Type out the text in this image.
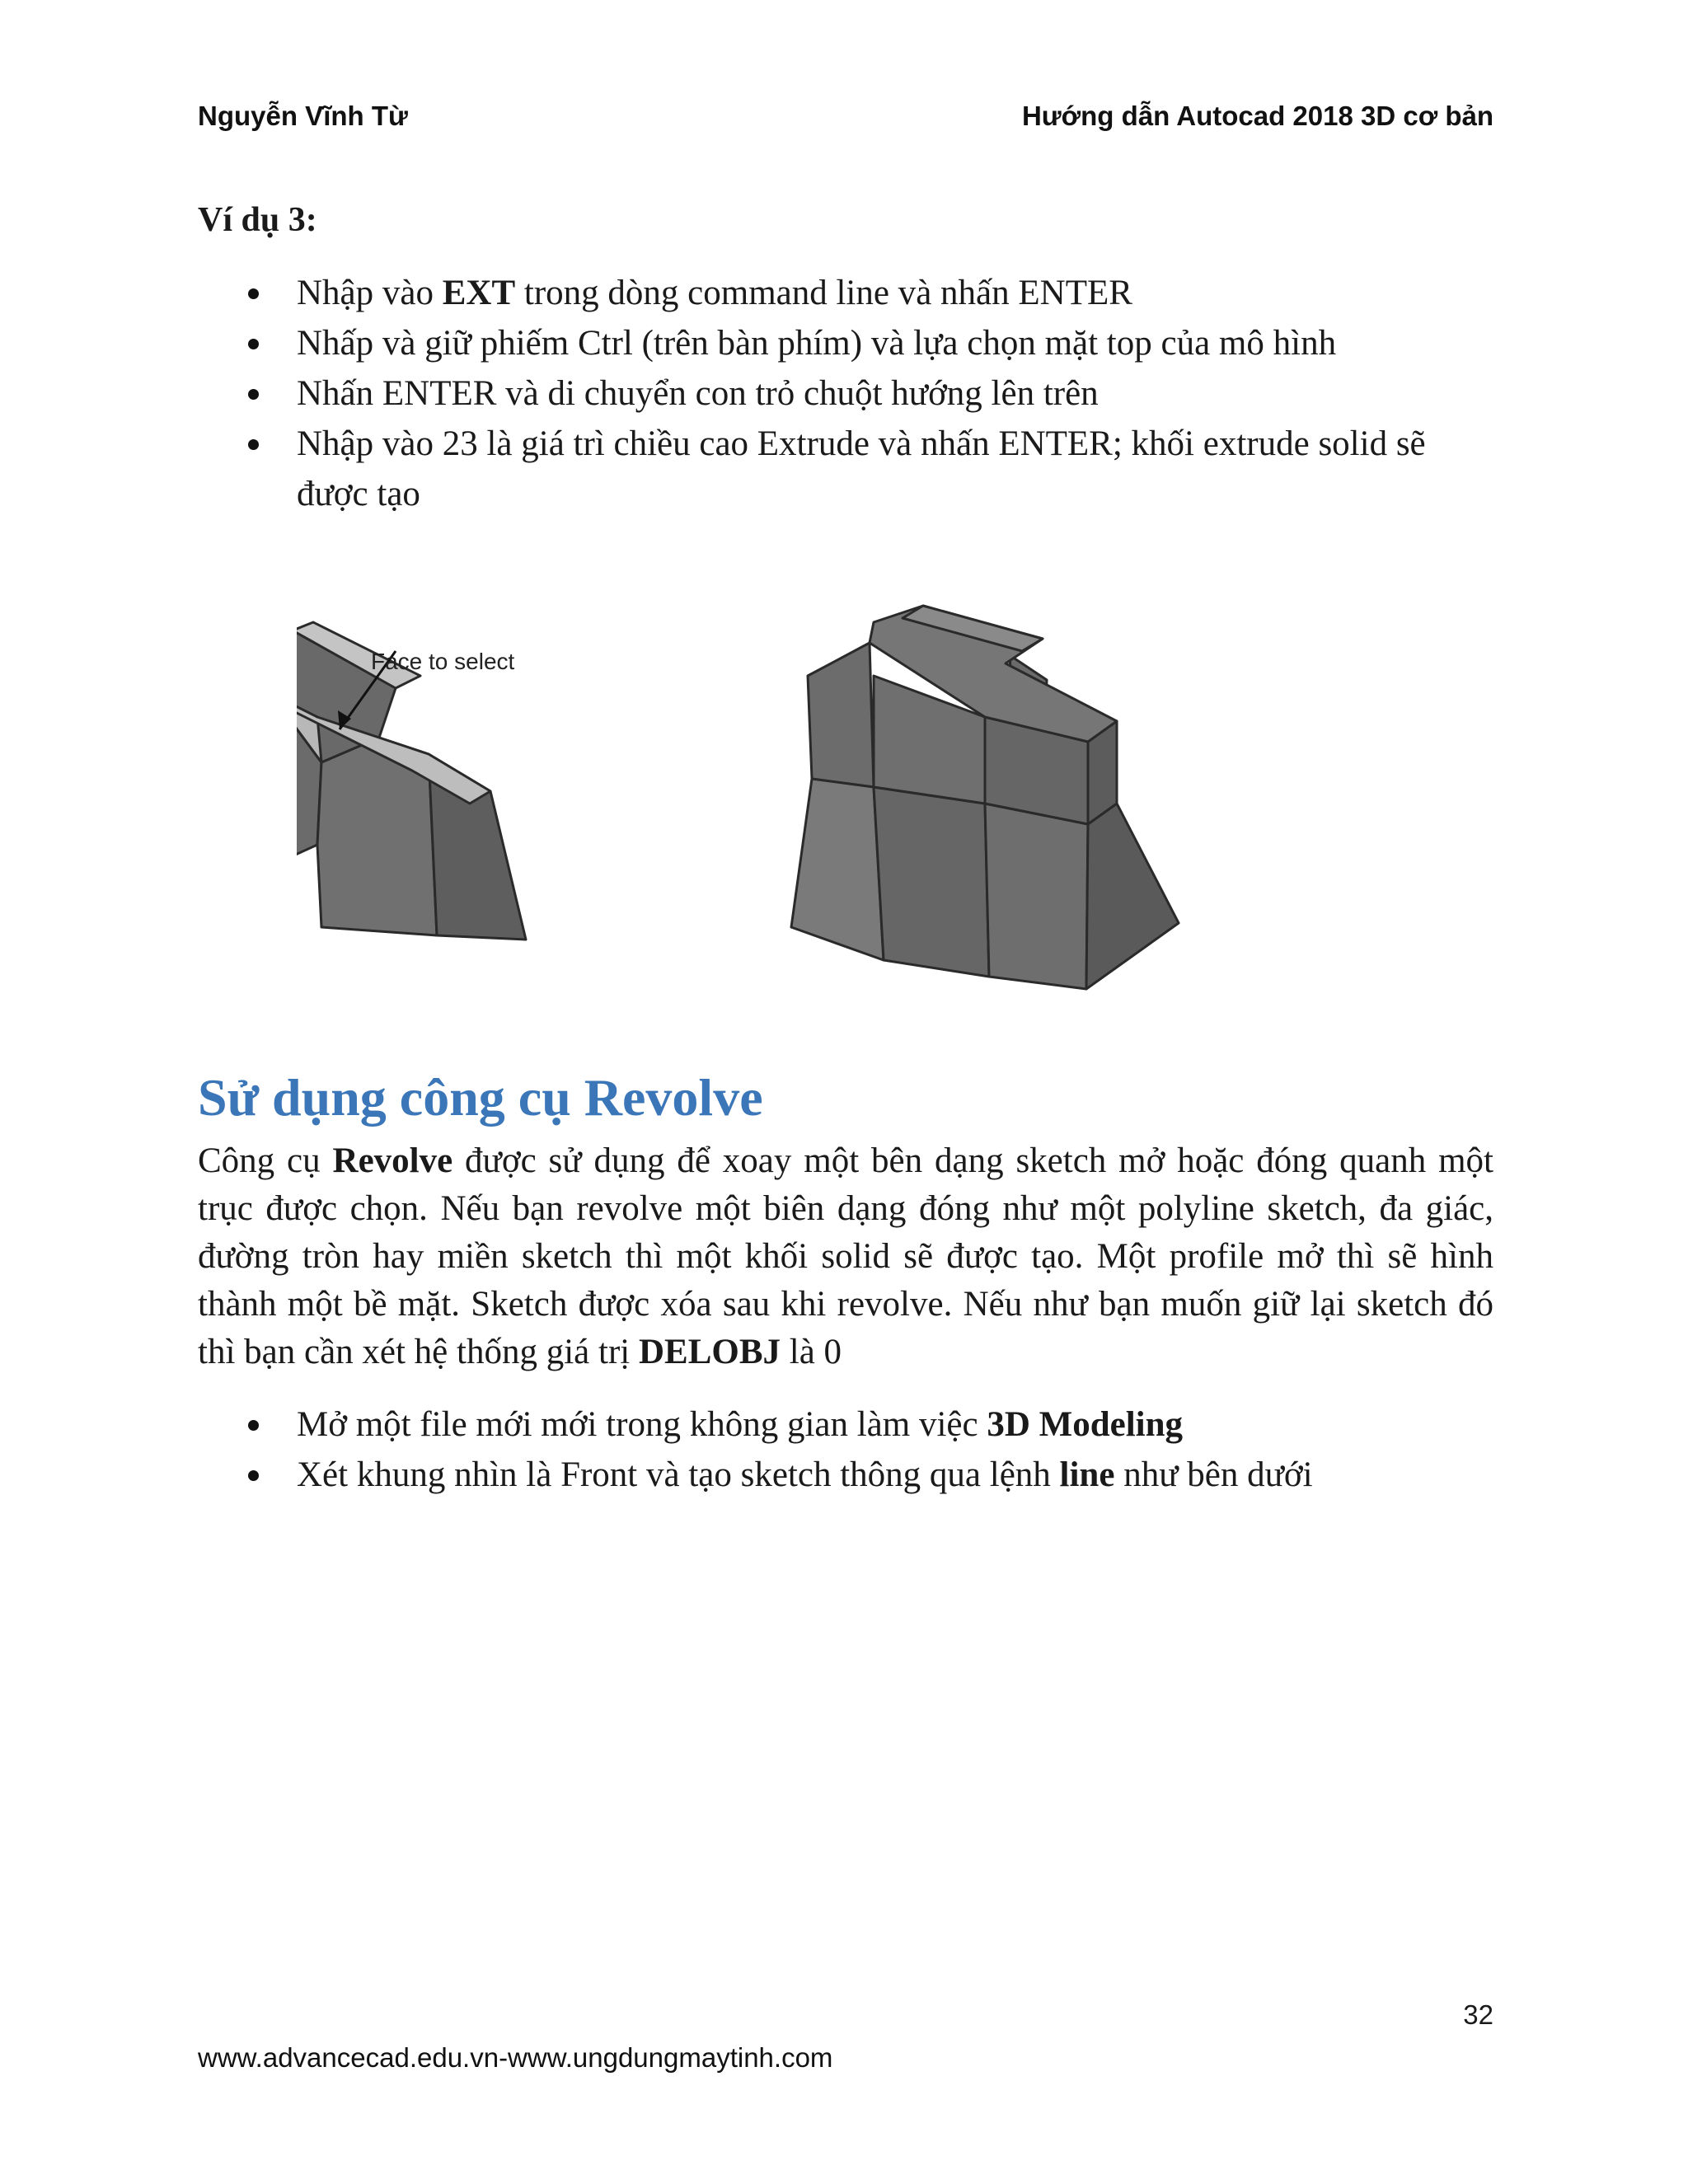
Nguyễn Vĩnh Từ	Hướng dẫn Autocad 2018 3D cơ bản
Ví dụ 3:
Nhập vào EXT trong dòng command line và nhấn ENTER
Nhấp và giữ phiếm Ctrl (trên bàn phím) và lựa chọn mặt top của mô hình
Nhấn ENTER và di chuyển con trỏ chuột hướng lên trên
Nhập vào 23 là giá trì chiều cao Extrude và nhấn ENTER; khối extrude solid sẽ được tạo
Face to select
Sử dụng công cụ Revolve

Công cụ Revolve được sử dụng để xoay một bên dạng sketch mở hoặc đóng quanh một trục được chọn. Nếu bạn revolve một biên dạng đóng như một polyline sketch, đa giác, đường tròn hay miền sketch thì một khối solid sẽ được tạo. Một profile mở thì sẽ hình thành một bề mặt. Sketch được xóa sau khi revolve. Nếu như bạn muốn giữ lại sketch đó thì bạn cần xét hệ thống giá trị DELOBJ là 0

Mở một file mới mới trong không gian làm việc 3D Modeling
Xét khung nhìn là Front và tạo sketch thông qua lệnh line như bên dưới
32
www.advancecad.edu.vn-www.ungdungmaytinh.com
